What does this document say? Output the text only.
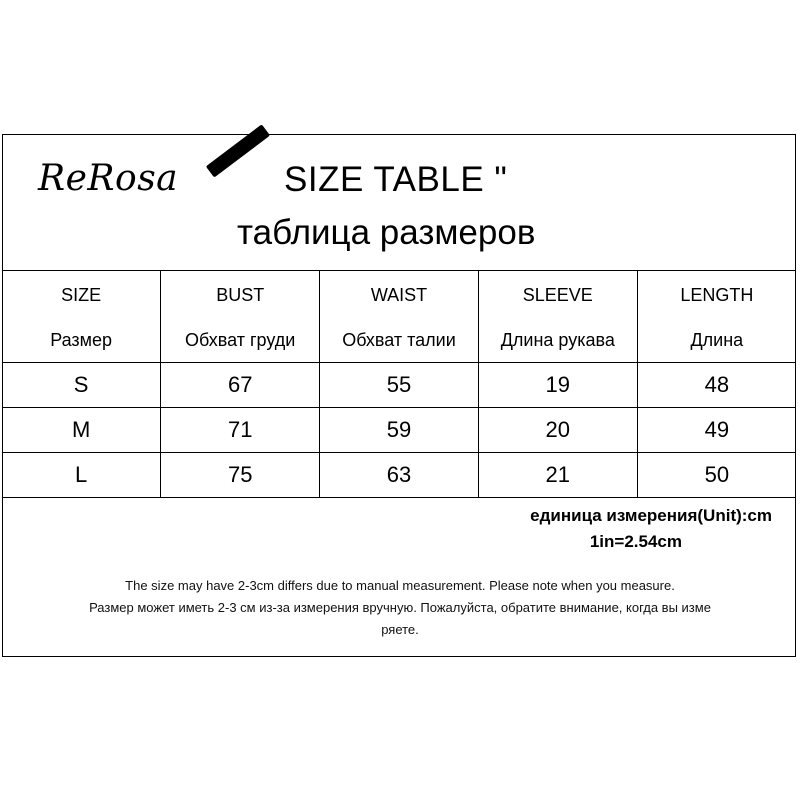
ReRosa	SIZE TABLE "
таблица размеров
SIZE	BUST	WAIST	SLEEVE	LENGTH
Размер	Обхват груди	Обхват талии	Длина рукава	Длина
S	67	55	19	48
M	71	59	20	49
L	75	63	21	50
единица измерения(Unit):cm
1in=2.54cm
The size may have 2-3cm differs due to manual measurement. Please note when you measure.
Размер может иметь 2-3 см из-за измерения вручную. Пожалуйста, обратите внимание, когда вы изме
ряете.
